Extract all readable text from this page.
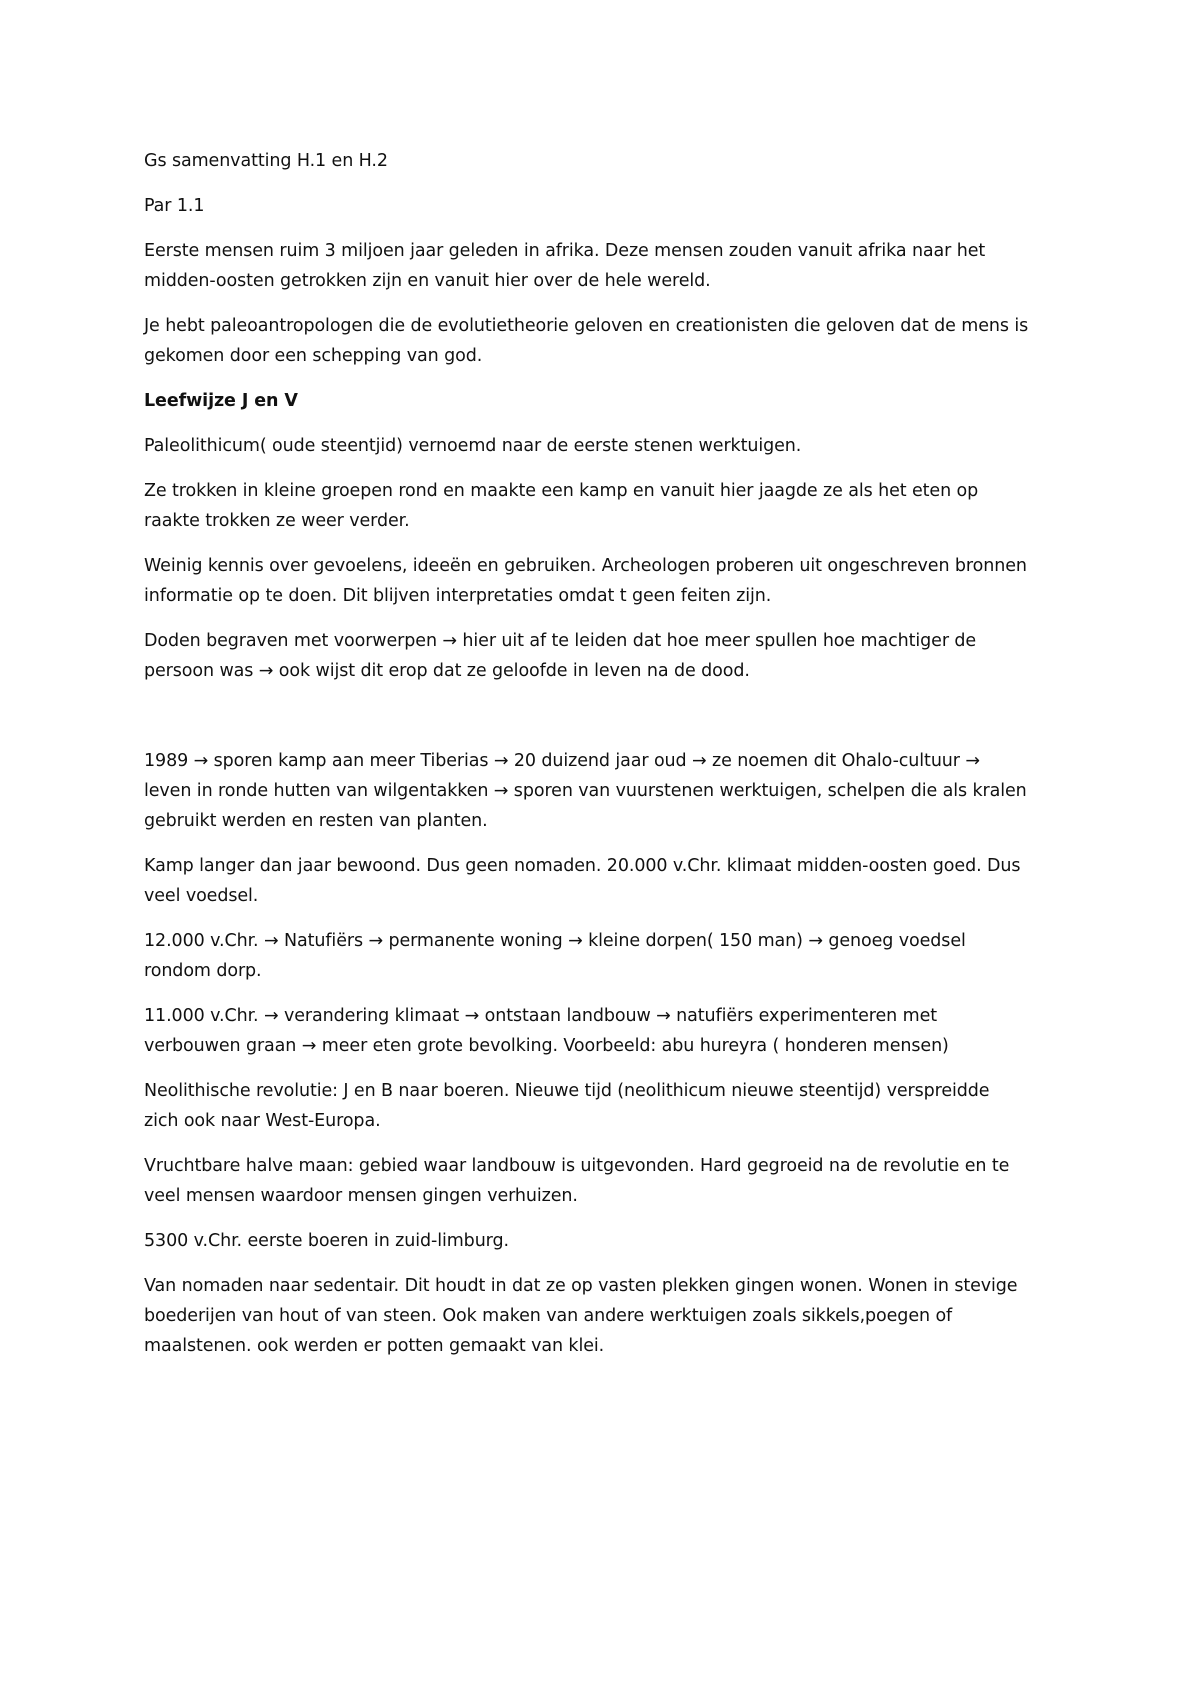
Gs samenvatting H.1 en H.2

Par 1.1

Eerste mensen ruim 3 miljoen jaar geleden in afrika. Deze mensen zouden vanuit afrika naar het
midden-oosten getrokken zijn en vanuit hier over de hele wereld.

Je hebt paleoantropologen die de evolutietheorie geloven en creationisten die geloven dat de mens is
gekomen door een schepping van god.

Leefwijze J en V

Paleolithicum( oude steentjid) vernoemd naar de eerste stenen werktuigen.

Ze trokken in kleine groepen rond en maakte een kamp en vanuit hier jaagde ze als het eten op
raakte trokken ze weer verder.

Weinig kennis over gevoelens, ideeën en gebruiken. Archeologen proberen uit ongeschreven bronnen
informatie op te doen. Dit blijven interpretaties omdat t geen feiten zijn.

Doden begraven met voorwerpen → hier uit af te leiden dat hoe meer spullen hoe machtiger de
persoon was → ook wijst dit erop dat ze geloofde in leven na de dood.

1989 → sporen kamp aan meer Tiberias → 20 duizend jaar oud → ze noemen dit Ohalo-cultuur →
leven in ronde hutten van wilgentakken → sporen van vuurstenen werktuigen, schelpen die als kralen
gebruikt werden en resten van planten.

Kamp langer dan jaar bewoond. Dus geen nomaden. 20.000 v.Chr. klimaat midden-oosten goed. Dus
veel voedsel.

12.000 v.Chr. → Natufiërs → permanente woning → kleine dorpen( 150 man) → genoeg voedsel
rondom dorp.

11.000 v.Chr. → verandering klimaat → ontstaan landbouw → natufiërs experimenteren met
verbouwen graan → meer eten grote bevolking. Voorbeeld: abu hureyra ( honderen mensen)

Neolithische revolutie: J en B naar boeren. Nieuwe tijd (neolithicum nieuwe steentijd) verspreidde
zich ook naar West-Europa.

Vruchtbare halve maan: gebied waar landbouw is uitgevonden. Hard gegroeid na de revolutie en te
veel mensen waardoor mensen gingen verhuizen.

5300 v.Chr. eerste boeren in zuid-limburg.

Van nomaden naar sedentair. Dit houdt in dat ze op vasten plekken gingen wonen. Wonen in stevige
boederijen van hout of van steen. Ook maken van andere werktuigen zoals sikkels,poegen of
maalstenen. ook werden er potten gemaakt van klei.
